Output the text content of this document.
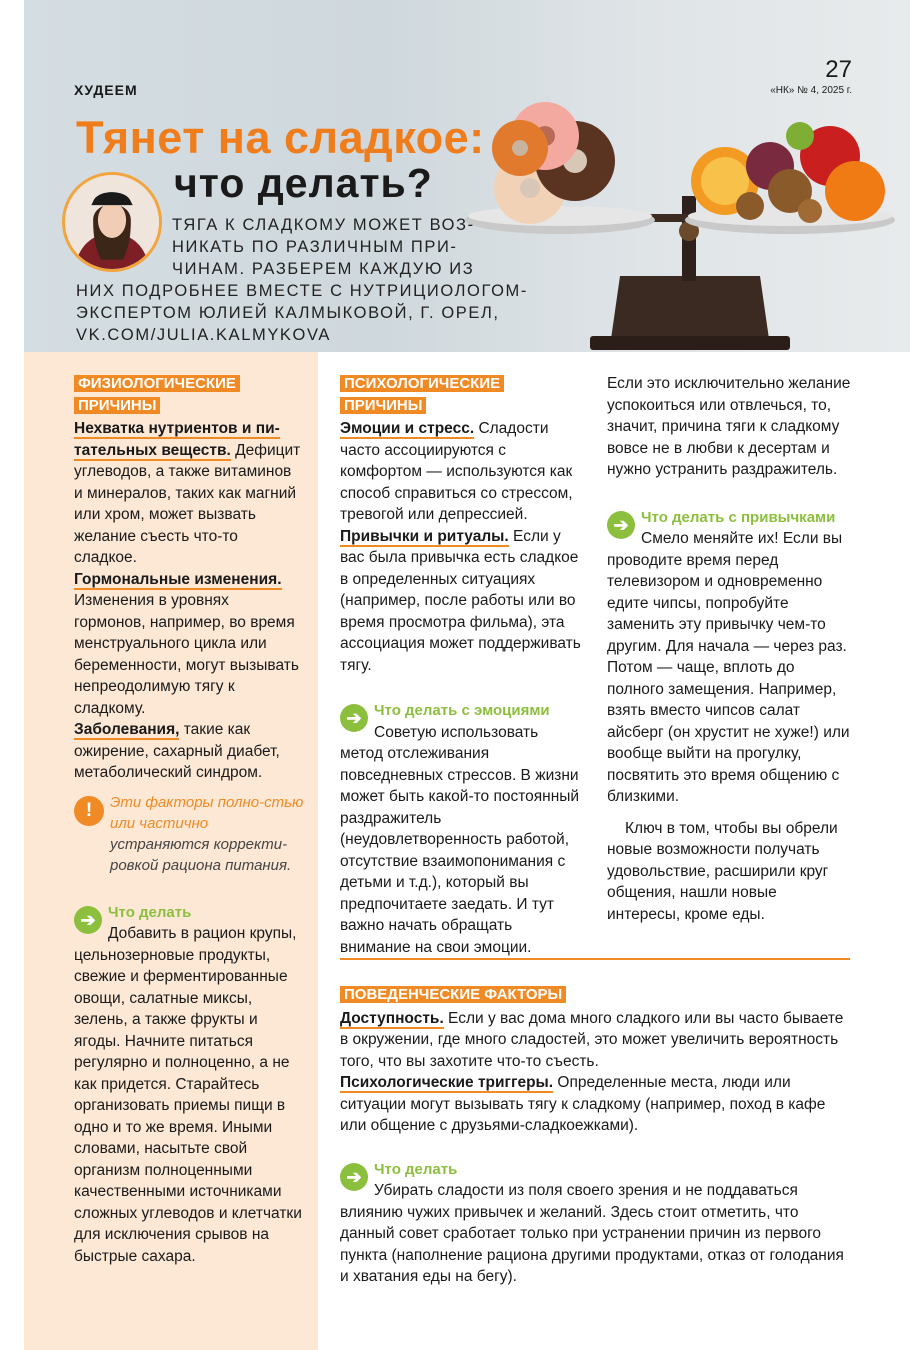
ХУДЕЕМ
27
«НК» № 4, 2025 г.
Тянет на сладкое:
что делать?
ТЯГА К СЛАДКОМУ МОЖЕТ ВОЗ-
НИКАТЬ ПО РАЗЛИЧНЫМ ПРИ-
ЧИНАМ. РАЗБЕРЕМ КАЖДУЮ ИЗ
НИХ ПОДРОБНЕЕ ВМЕСТЕ С НУТРИЦИОЛОГОМ-
ЭКСПЕРТОМ ЮЛИЕЙ КАЛМЫКОВОЙ, Г. ОРЕЛ,
VK.COM/JULIA.KALMYKOVA
ФИЗИОЛОГИЧЕСКИЕ
ПРИЧИНЫ

Нехватка нутриентов и пи-тательных веществ. Дефицит углеводов, а также витаминов и минералов, таких как магний или хром, может вызвать желание съесть что-то сладкое.

Гормональные изменения. Изменения в уровнях гормонов, например, во время менструального цикла или беременности, могут вызывать непреодолимую тягу к сладкому.

Заболевания, такие как ожирение, сахарный диабет, метаболический синдром.

!	Эти факторы полно-стью или частично устраняются корректи-ровкой рациона питания.
➔ Что делать

Добавить в рацион крупы, цельнозерновые продукты, свежие и ферментированные овощи, салатные миксы, зелень, а также фрукты и ягоды. Начните питаться регулярно и полноценно, а не как придется. Старайтесь организовать приемы пищи в одно и то же время. Иными словами, насытьте свой организм полноценными качественными источниками сложных углеводов и клетчатки для исключения срывов на быстрые сахара.

ПСИХОЛОГИЧЕСКИЕ
ПРИЧИНЫ

Эмоции и стресс. Сладости часто ассоциируются с комфортом — используются как способ справиться со стрессом, тревогой или депрессией.

Привычки и ритуалы. Если у вас была привычка есть сладкое в определенных ситуациях (например, после работы или во время просмотра фильма), эта ассоциация может поддерживать тягу.

➔ Что делать с эмоциями

Советую использовать метод отслеживания повседневных стрессов. В жизни может быть какой-то постоянный раздражитель (неудовлетворенность работой, отсутствие взаимопонимания с детьми и т.д.), который вы предпочитаете заедать. И тут важно начать обращать внимание на свои эмоции.

Если это исключительно желание успокоиться или отвлечься, то, значит, причина тяги к сладкому вовсе не в любви к десертам и нужно устранить раздражитель.

➔ Что делать с привычками

Смело меняйте их! Если вы проводите время перед телевизором и одновременно едите чипсы, попробуйте заменить эту привычку чем-то другим. Для начала — через раз. Потом — чаще, вплоть до полного замещения. Например, взять вместо чипсов салат айсберг (он хрустит не хуже!) или вообще выйти на прогулку, посвятить это время общению с близкими.

Ключ в том, чтобы вы обрели новые возможности получать удовольствие, расширили круг общения, нашли новые интересы, кроме еды.

ПОВЕДЕНЧЕСКИЕ ФАКТОРЫ

Доступность. Если у вас дома много сладкого или вы часто бываете в окружении, где много сладостей, это может увеличить вероятность того, что вы захотите что-то съесть.

Психологические триггеры. Определенные места, люди или ситуации могут вызывать тягу к сладкому (например, поход в кафе или общение с друзьями-сладкоежками).

➔ Что делать

Убирать сладости из поля своего зрения и не поддаваться влиянию чужих привычек и желаний. Здесь стоит отметить, что данный совет сработает только при устранении причин из первого пункта (наполнение рациона другими продуктами, отказ от голодания и хватания еды на бегу).
